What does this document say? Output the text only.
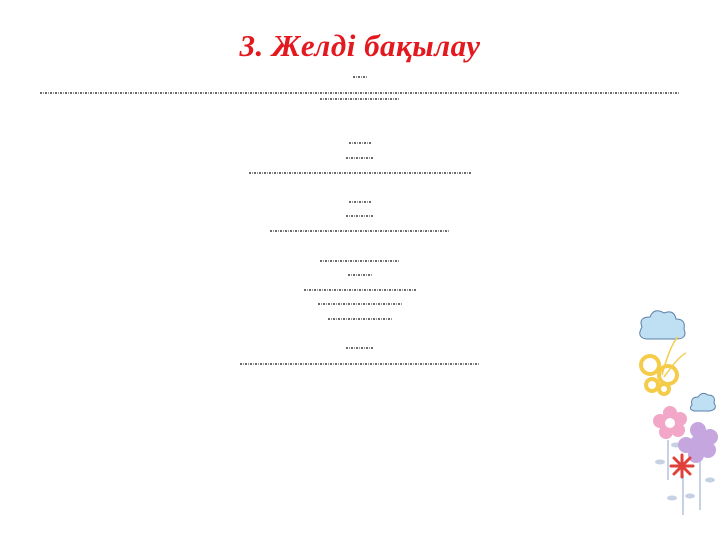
3. Желді бақылау
